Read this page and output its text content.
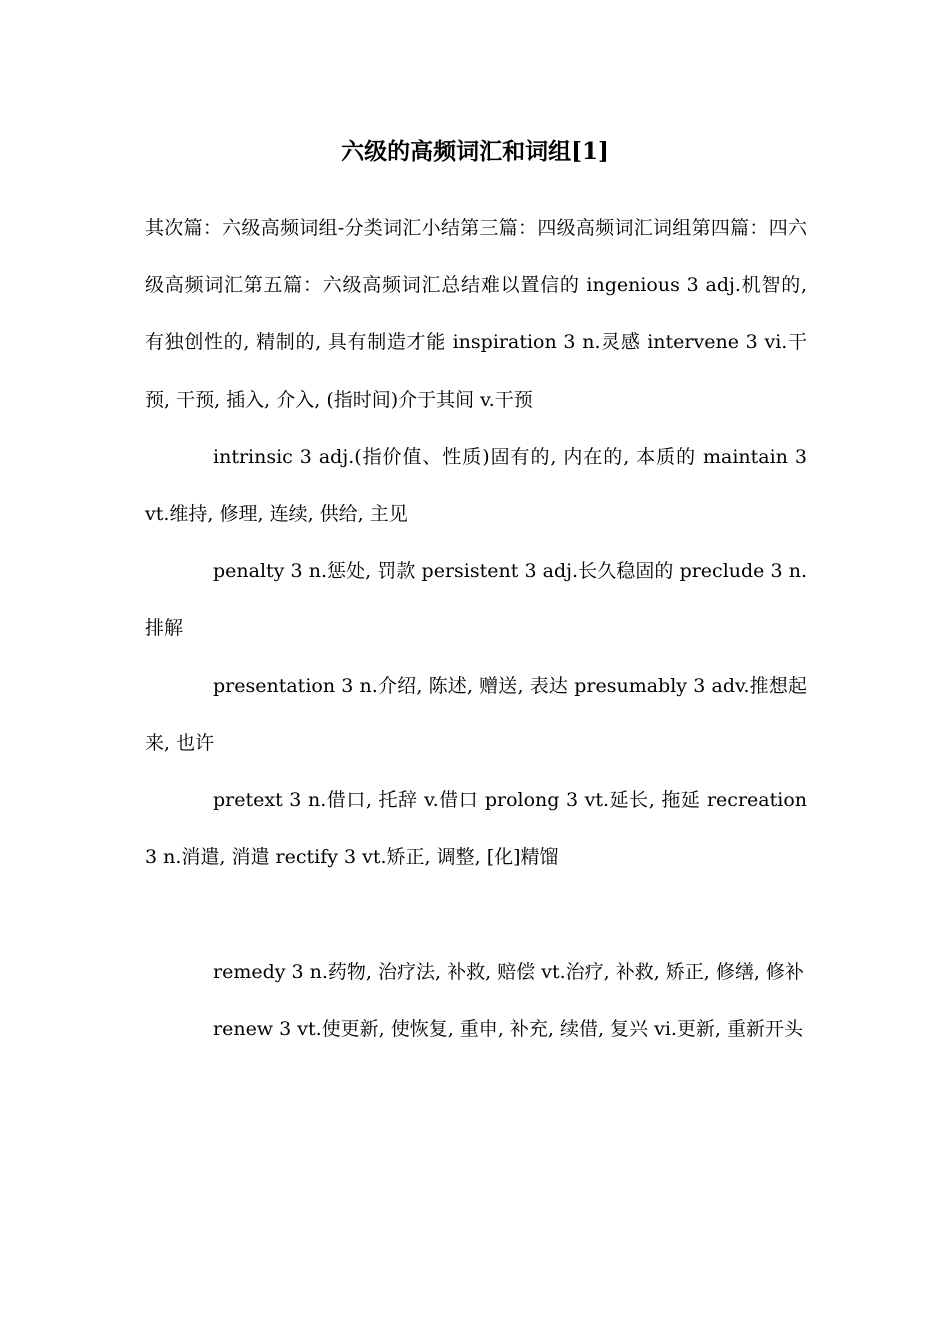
六级的高频词汇和词组[1]

其次篇：六级高频词组-分类词汇小结第三篇：四级高频词汇词组第四篇：四六级高频词汇第五篇：六级高频词汇总结难以置信的 ingenious 3 adj.机智的, 有独创性的, 精制的, 具有制造才能 inspiration 3 n.灵感 intervene 3 vi.干预, 干预, 插入, 介入, (指时间)介于其间 v.干预

intrinsic 3 adj.(指价值、性质)固有的, 内在的, 本质的 maintain 3 vt.维持, 修理, 连续, 供给, 主见

penalty 3 n.惩处, 罚款 persistent 3 adj.长久稳固的 preclude 3 n.排解

presentation 3 n.介绍, 陈述, 赠送, 表达 presumably 3 adv.推想起来, 也许

pretext 3 n.借口, 托辞 v.借口 prolong 3 vt.延长, 拖延 recreation 3 n.消遣, 消遣 rectify 3 vt.矫正, 调整, [化]精馏

remedy 3 n.药物, 治疗法, 补救, 赔偿 vt.治疗, 补救, 矫正, 修缮, 修补

renew 3 vt.使更新, 使恢复, 重申, 补充, 续借, 复兴 vi.更新, 重新开头
